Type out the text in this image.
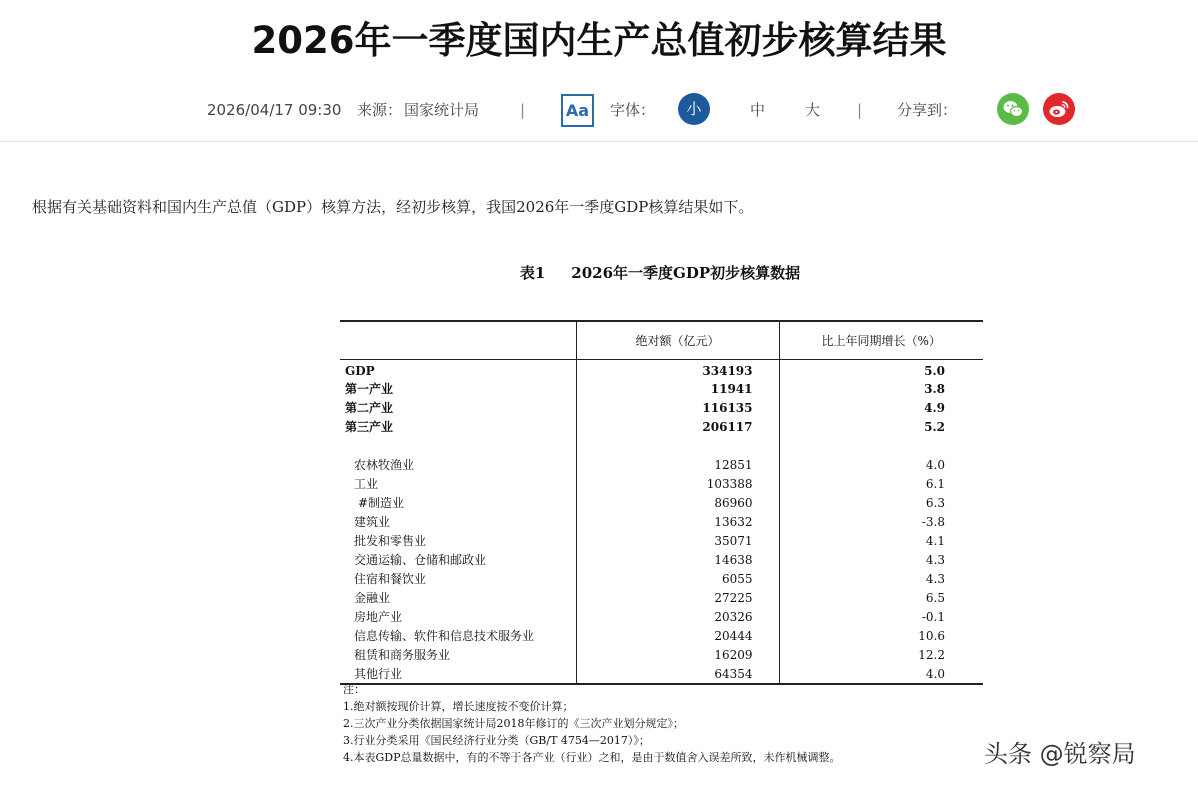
2026年一季度国内生产总值初步核算结果
2026/04/17 09:30 来源： 国家统计局	|	Aa	字体：	小	中	大 | 分享到：

根据有关基础资料和国内生产总值（GDP）核算方法，经初步核算，我国2026年一季度GDP核算结果如下。

表1 2026年一季度GDP初步核算数据
	绝对额（亿元）	比上年同期增长（%）
GDP	334193	5.0
第一产业	11941	3.8
第二产业	116135	4.9
第三产业	206117	5.2

农林牧渔业	12851	4.0
工业	103388	6.1
#制造业	86960	6.3
建筑业	13632	-3.8
批发和零售业	35071	4.1
交通运输、仓储和邮政业	14638	4.3
住宿和餐饮业	6055	4.3
金融业	27225	6.5
房地产业	20326	-0.1
信息传输、软件和信息技术服务业	20444	10.6
租赁和商务服务业	16209	12.2
其他行业	64354	4.0
注：
1.绝对额按现价计算，增长速度按不变价计算；
2.三次产业分类依据国家统计局2018年修订的《三次产业划分规定》；
3.行业分类采用《国民经济行业分类（GB/T 4754—2017）》；
4.本表GDP总量数据中，有的不等于各产业（行业）之和，是由于数值舍入误差所致，未作机械调整。	头条 @锐察局
